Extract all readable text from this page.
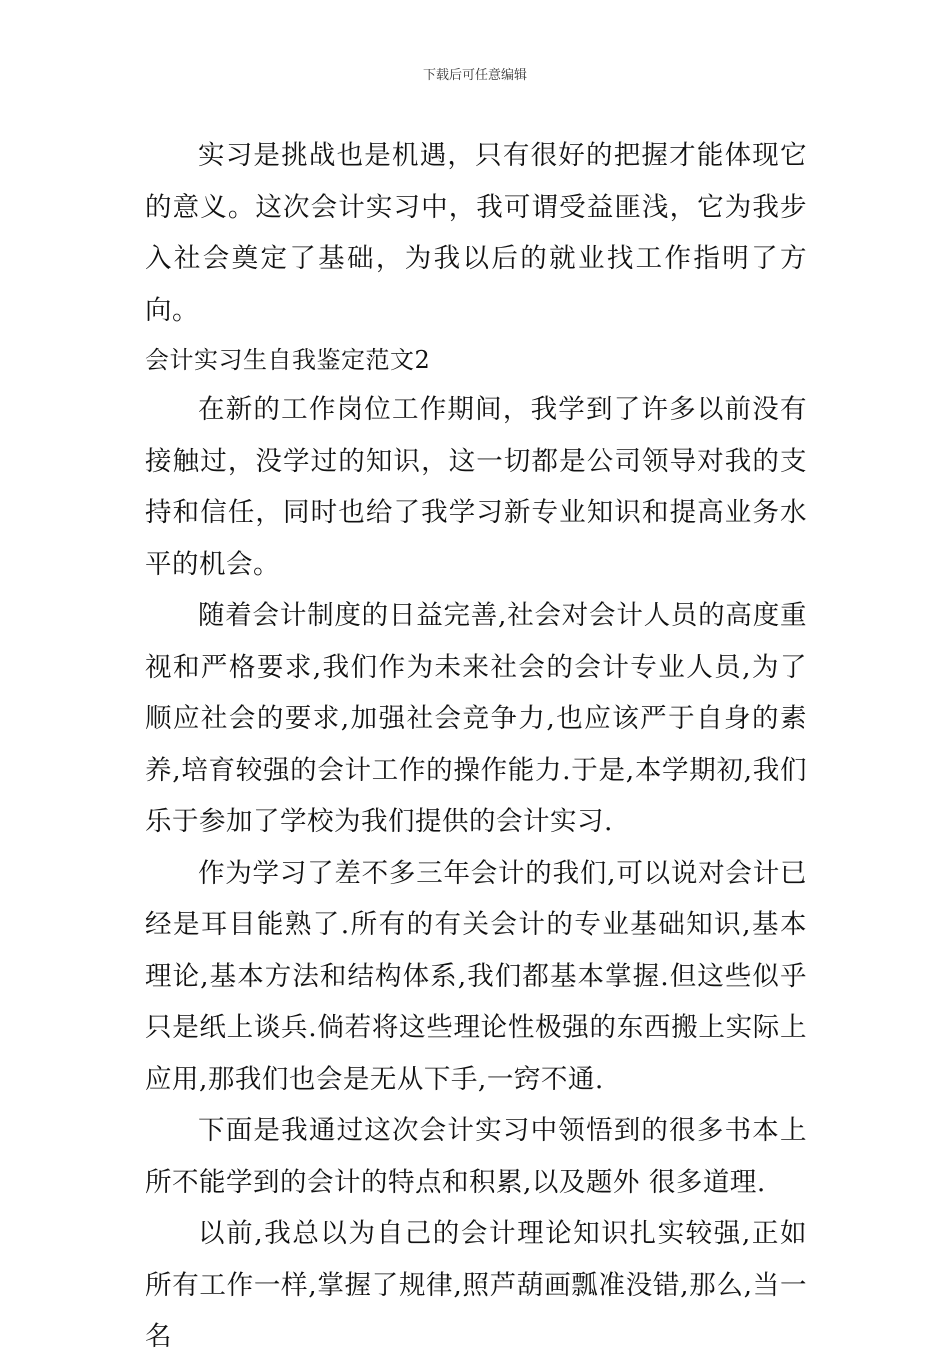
下载后可任意编辑

实习是挑战也是机遇，只有很好的把握才能体现它的意义。这次会计实习中，我可谓受益匪浅，它为我步入社会奠定了基础，为我以后的就业找工作指明了方向。

会计实习生自我鉴定范文2

在新的工作岗位工作期间，我学到了许多以前没有接触过，没学过的知识，这一切都是公司领导对我的支持和信任，同时也给了我学习新专业知识和提高业务水平的机会。

随着会计制度的日益完善,社会对会计人员的高度重视和严格要求,我们作为未来社会的会计专业人员,为了顺应社会的要求,加强社会竞争力,也应该严于自身的素养,培育较强的会计工作的操作能力.于是,本学期初,我们乐于参加了学校为我们提供的会计实习.

作为学习了差不多三年会计的我们,可以说对会计已经是耳目能熟了.所有的有关会计的专业基础知识,基本理论,基本方法和结构体系,我们都基本掌握.但这些似乎只是纸上谈兵.倘若将这些理论性极强的东西搬上实际上应用,那我们也会是无从下手,一窍不通.

下面是我通过这次会计实习中领悟到的很多书本上所不能学到的会计的特点和积累,以及题外 很多道理.

以前,我总以为自己的会计理论知识扎实较强,正如所有工作一样,掌握了规律,照芦葫画瓢准没错,那么,当一名
